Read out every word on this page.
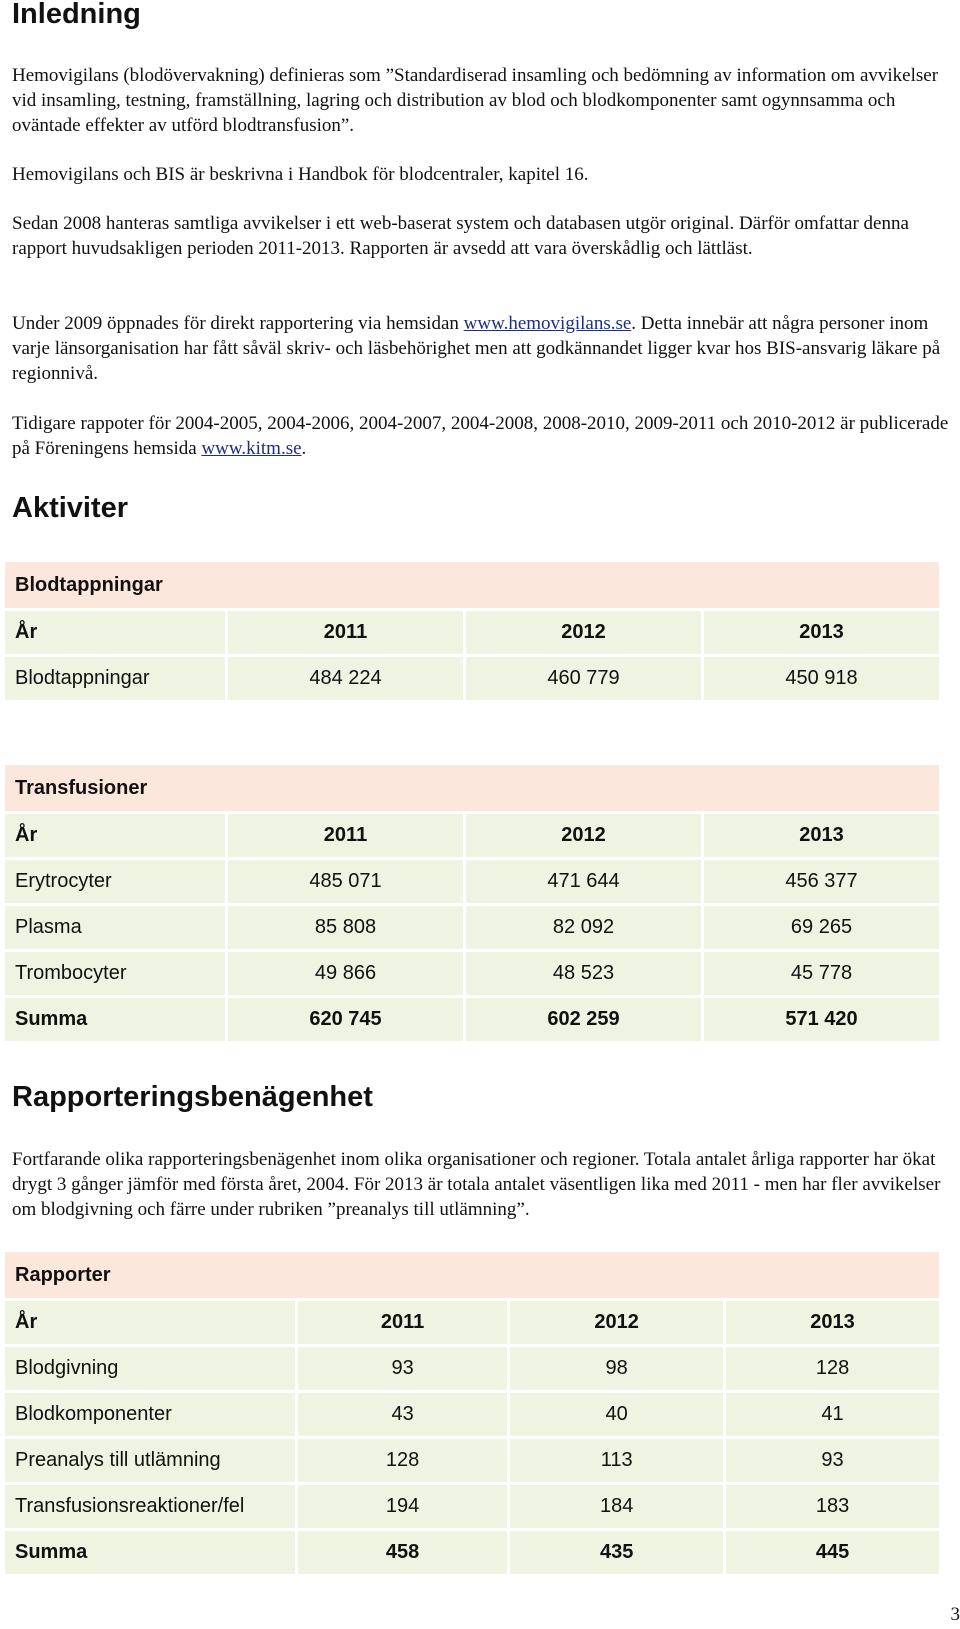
Inledning

Hemovigilans (blodövervakning) definieras som ”Standardiserad insamling och bedömning av information om avvikelser vid insamling, testning, framställning, lagring och distribution av blod och blodkomponenter samt ogynnsamma och oväntade effekter av utförd blodtransfusion”.

Hemovigilans och BIS är beskrivna i Handbok för blodcentraler, kapitel 16.

Sedan 2008 hanteras samtliga avvikelser i ett web-baserat system och databasen utgör original. Därför omfattar denna rapport huvudsakligen perioden 2011-2013. Rapporten är avsedd att vara överskådlig och lättläst.

Under 2009 öppnades för direkt rapportering via hemsidan www.hemovigilans.se. Detta innebär att några personer inom varje länsorganisation har fått såväl skriv- och läsbehörighet men att godkännandet ligger kvar hos BIS-ansvarig läkare på regionnivå.

Tidigare rappoter för 2004-2005, 2004-2006, 2004-2007, 2004-2008, 2008-2010, 2009-2011 och 2010-2012 är publicerade på Föreningens hemsida www.kitm.se.

Aktiviter
Blodtappningar			
År	2011	2012	2013
Blodtappningar	484 224	460 779	450 918
Transfusioner			
År	2011	2012	2013
Erytrocyter	485 071	471 644	456 377
Plasma	85 808	82 092	69 265
Trombocyter	49 866	48 523	45 778
Summa	620 745	602 259	571 420
Rapporteringsbenägenhet

Fortfarande olika rapporteringsbenägenhet inom olika organisationer och regioner. Totala antalet årliga rapporter har ökat drygt 3 gånger jämför med första året, 2004. För 2013 är totala antalet väsentligen lika med 2011 - men har fler avvikelser om blodgivning och färre under rubriken ”preanalys till utlämning”.

Rapporter			
År	2011	2012	2013
Blodgivning	93	98	128
Blodkomponenter	43	40	41
Preanalys till utlämning	128	113	93
Transfusionsreaktioner/fel	194	184	183
Summa	458	435	445
3
